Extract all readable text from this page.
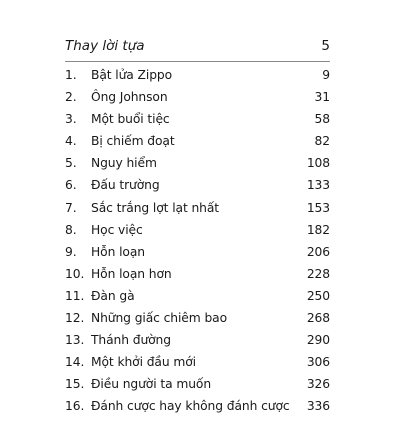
Thay lời tựa	5
1.	Bật lửa Zippo	9
2.	Ông Johnson	31
3.	Một buổi tiệc	58
4.	Bị chiếm đoạt	82
5.	Nguy hiểm	108
6.	Đấu trường	133
7.	Sắc trắng lợt lạt nhất	153
8.	Học việc	182
9.	Hỗn loạn	206
10. Hỗn loạn hơn	228
11. Đàn gà	250
12. Những giấc chiêm bao	268
13. Thánh đường	290
14. Một khởi đầu mới	306
15. Điều người ta muốn	326
16. Đánh cược hay không đánh cược	336
